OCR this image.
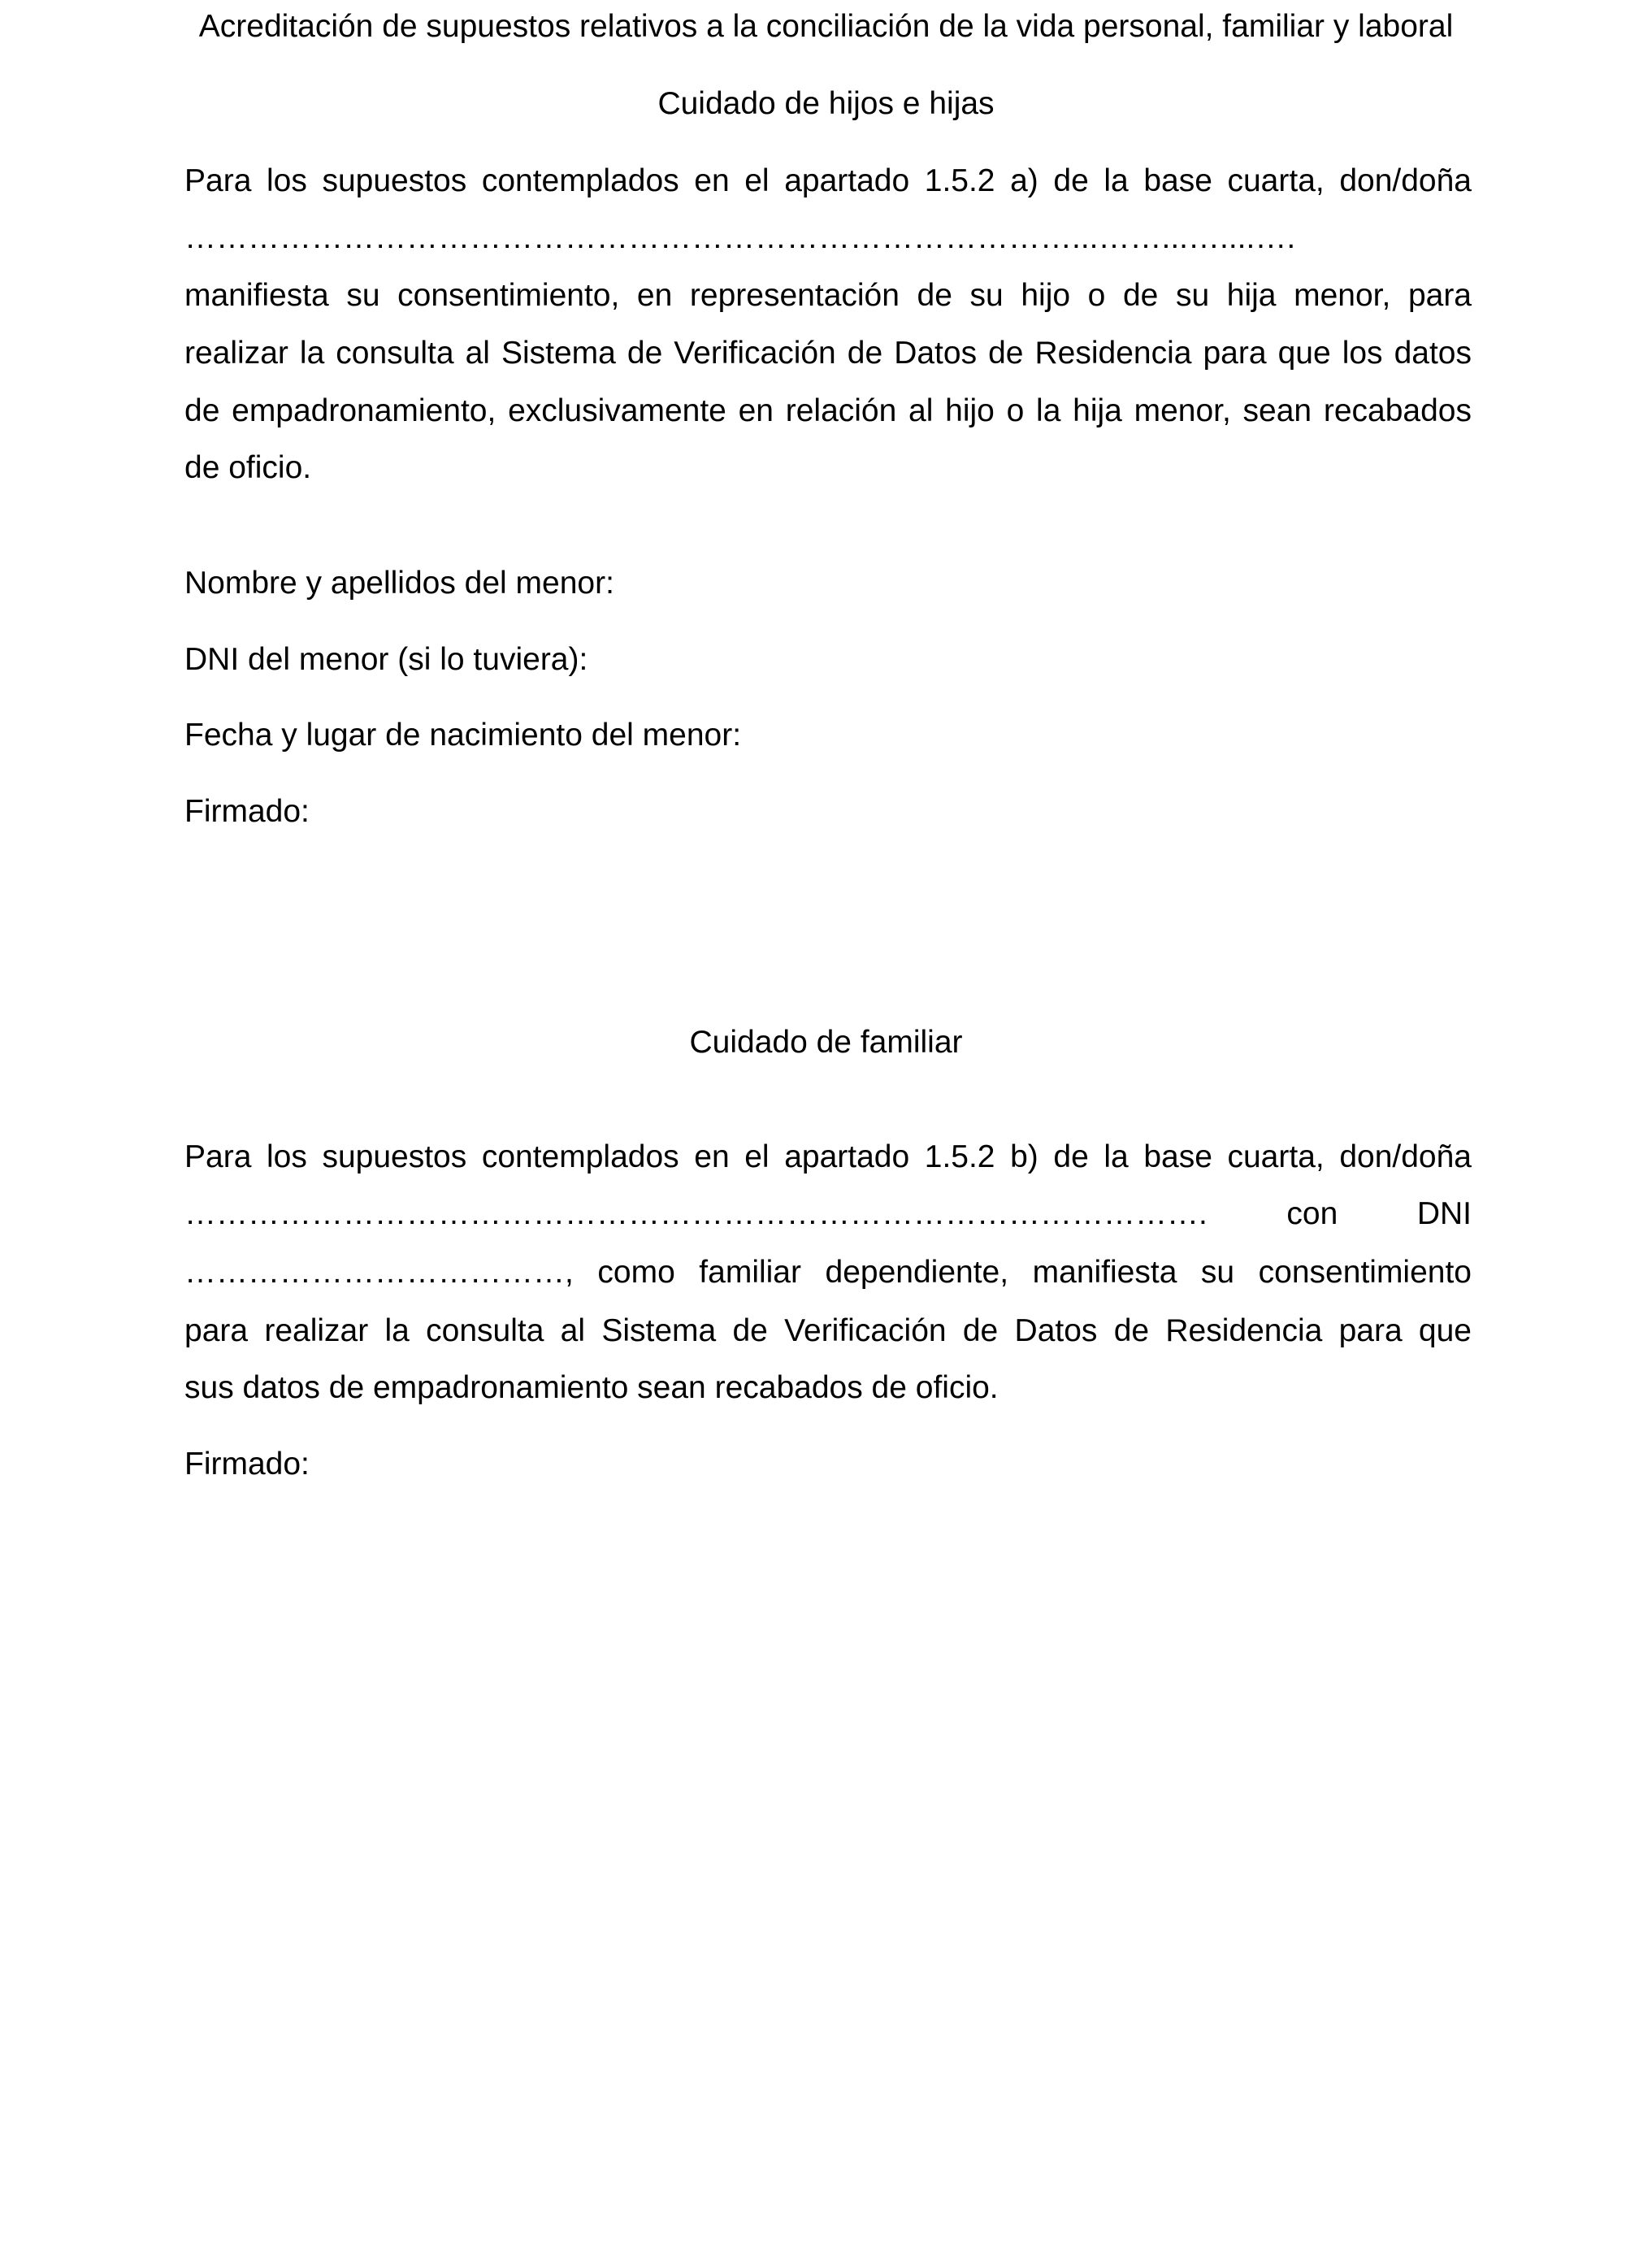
Acreditación de supuestos relativos a la conciliación de la vida personal, familiar y laboral
Cuidado de hijos e hijas
Para los supuestos contemplados en el apartado 1.5.2 a) de la base cuarta, don/doña
…………………………………………………………………………...……...…....….
manifiesta su consentimiento, en representación de su hijo o de su hija menor, para
realizar la consulta al Sistema de Verificación de Datos de Residencia para que los datos
de empadronamiento, exclusivamente en relación al hijo o la hija menor, sean recabados
de oficio.
Nombre y apellidos del menor:
DNI del menor (si lo tuviera):
Fecha y lugar de nacimiento del menor:
Firmado:
Cuidado de familiar
Para los supuestos contemplados en el apartado 1.5.2 b) de la base cuarta, don/doña
……………………………………………………………………………………. con DNI
………………………………, como familiar dependiente, manifiesta su consentimiento
para realizar la consulta al Sistema de Verificación de Datos de Residencia para que
sus datos de empadronamiento sean recabados de oficio.
Firmado:
